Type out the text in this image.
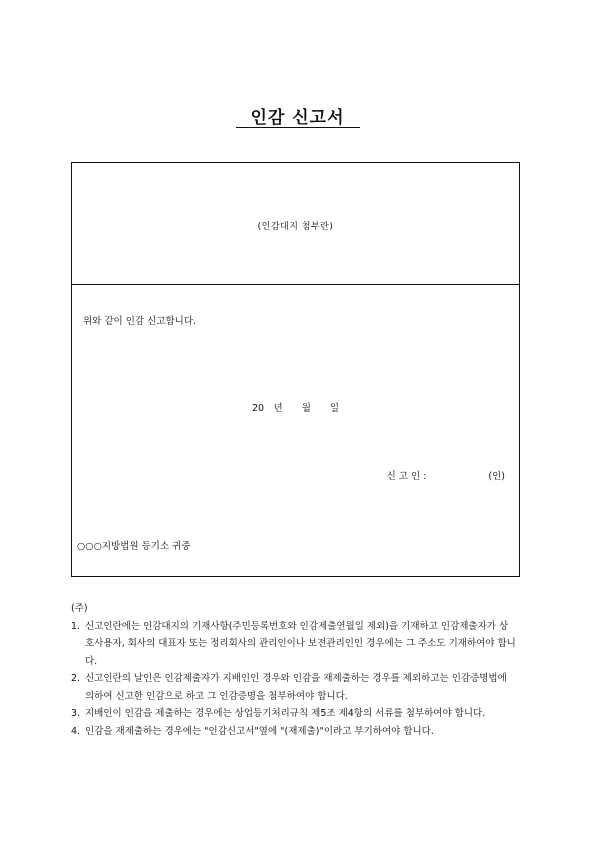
인감 신고서
(인감대지 첨부란)
위와 같이 인감 신고합니다.
20　년　　월　　일
신 고 인 :	(인)
○○○지방법원 등기소 귀중
(주)
1. 신고인란에는 인감대지의 기재사항(주민등록번호와 인감제출연월일 제외)을 기재하고 인감제출자가 상호사용자, 회사의 대표자 또는 정리회사의 관리인이나 보전관리인인 경우에는 그 주소도 기재하여야 합니다.
2. 신고인란의 날인은 인감제출자가 지배인인 경우와 인감을 재제출하는 경우를 제외하고는 인감증명법에 의하여 신고한 인감으로 하고 그 인감증명을 첨부하여야 합니다.
3. 지배인이 인감을 제출하는 경우에는 상업등기처리규칙 제5조 제4항의 서류를 첨부하여야 합니다.
4. 인감을 재제출하는 경우에는 "인감신고서"옆에 "(재제출)"이라고 부기하여야 합니다.
